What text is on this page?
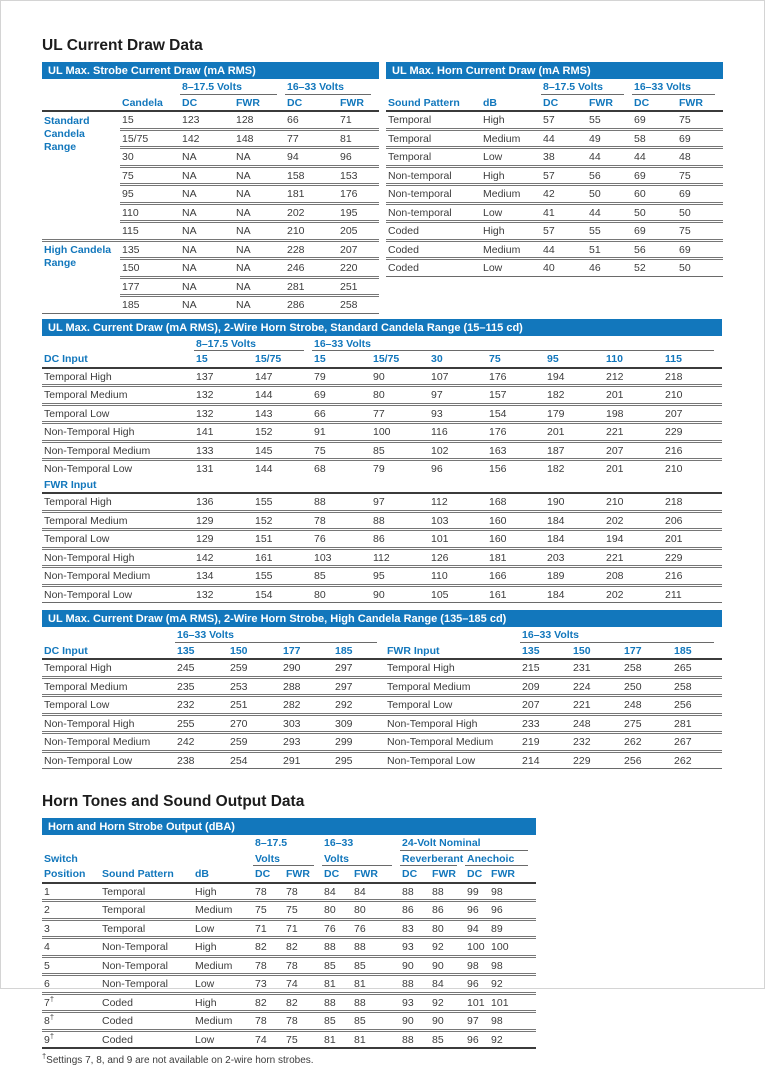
UL Current Draw Data
UL Max. Strobe Current Draw (mA RMS)
		8–17.5 Volts		16–33 Volts	
	Candela	DC	FWR	DC	FWR
Standard Candela Range	15	123	128	66	71
	15/75	142	148	77	81
	30	NA	NA	94	96
	75	NA	NA	158	153
	95	NA	NA	181	176
	110	NA	NA	202	195
	115	NA	NA	210	205
High Candela Range	135	NA	NA	228	207
	150	NA	NA	246	220
	177	NA	NA	281	251
	185	NA	NA	286	258
UL Max. Horn Current Draw (mA RMS)
		8–17.5 Volts		16–33 Volts	
Sound Pattern	dB	DC	FWR	DC	FWR
Temporal	High	57	55	69	75
Temporal	Medium	44	49	58	69
Temporal	Low	38	44	44	48
Non-temporal	High	57	56	69	75
Non-temporal	Medium	42	50	60	69
Non-temporal	Low	41	44	50	50
Coded	High	57	55	69	75
Coded	Medium	44	51	56	69
Coded	Low	40	46	52	50
UL Max. Current Draw (mA RMS), 2-Wire Horn Strobe, Standard Candela Range (15–115 cd)
	8–17.5 Volts		16–33 Volts						
DC Input	15	15/75	15	15/75	30	75	95	110	115
Temporal High	137	147	79	90	107	176	194	212	218
Temporal Medium	132	144	69	80	97	157	182	201	210
Temporal Low	132	143	66	77	93	154	179	198	207
Non-Temporal High	141	152	91	100	116	176	201	221	229
Non-Temporal Medium	133	145	75	85	102	163	187	207	216
Non-Temporal Low	131	144	68	79	96	156	182	201	210
FWR Input									
Temporal High	136	155	88	97	112	168	190	210	218
Temporal Medium	129	152	78	88	103	160	184	202	206
Temporal Low	129	151	76	86	101	160	184	194	201
Non-Temporal High	142	161	103	112	126	181	203	221	229
Non-Temporal Medium	134	155	85	95	110	166	189	208	216
Non-Temporal Low	132	154	80	90	105	161	184	202	211
UL Max. Current Draw (mA RMS), 2-Wire Horn Strobe, High Candela Range (135–185 cd)
	16–33 Volts					16–33 Volts			
DC Input	135	150	177	185	FWR Input	135	150	177	185
Temporal High	245	259	290	297	Temporal High	215	231	258	265
Temporal Medium	235	253	288	297	Temporal Medium	209	224	250	258
Temporal Low	232	251	282	292	Temporal Low	207	221	248	256
Non-Temporal High	255	270	303	309	Non-Temporal High	233	248	275	281
Non-Temporal Medium	242	259	293	299	Non-Temporal Medium	219	232	262	267
Non-Temporal Low	238	254	291	295	Non-Temporal Low	214	229	256	262
Horn Tones and Sound Output Data
Horn and Horn Strobe Output (dBA)
			8–17.5		16–33		24-Volt Nominal			
Switch			Volts		Volts		Reverberant		Anechoic	
Position	Sound Pattern	dB	DC	FWR	DC	FWR	DC	FWR	DC	FWR
1	Temporal	High	78	78	84	84	88	88	99	98
2	Temporal	Medium	75	75	80	80	86	86	96	96
3	Temporal	Low	71	71	76	76	83	80	94	89
4	Non-Temporal	High	82	82	88	88	93	92	100	100
5	Non-Temporal	Medium	78	78	85	85	90	90	98	98
6	Non-Temporal	Low	73	74	81	81	88	84	96	92
7†	Coded	High	82	82	88	88	93	92	101	101
8†	Coded	Medium	78	78	85	85	90	90	97	98
9†	Coded	Low	74	75	81	81	88	85	96	92

†Settings 7, 8, and 9 are not available on 2-wire horn strobes.
